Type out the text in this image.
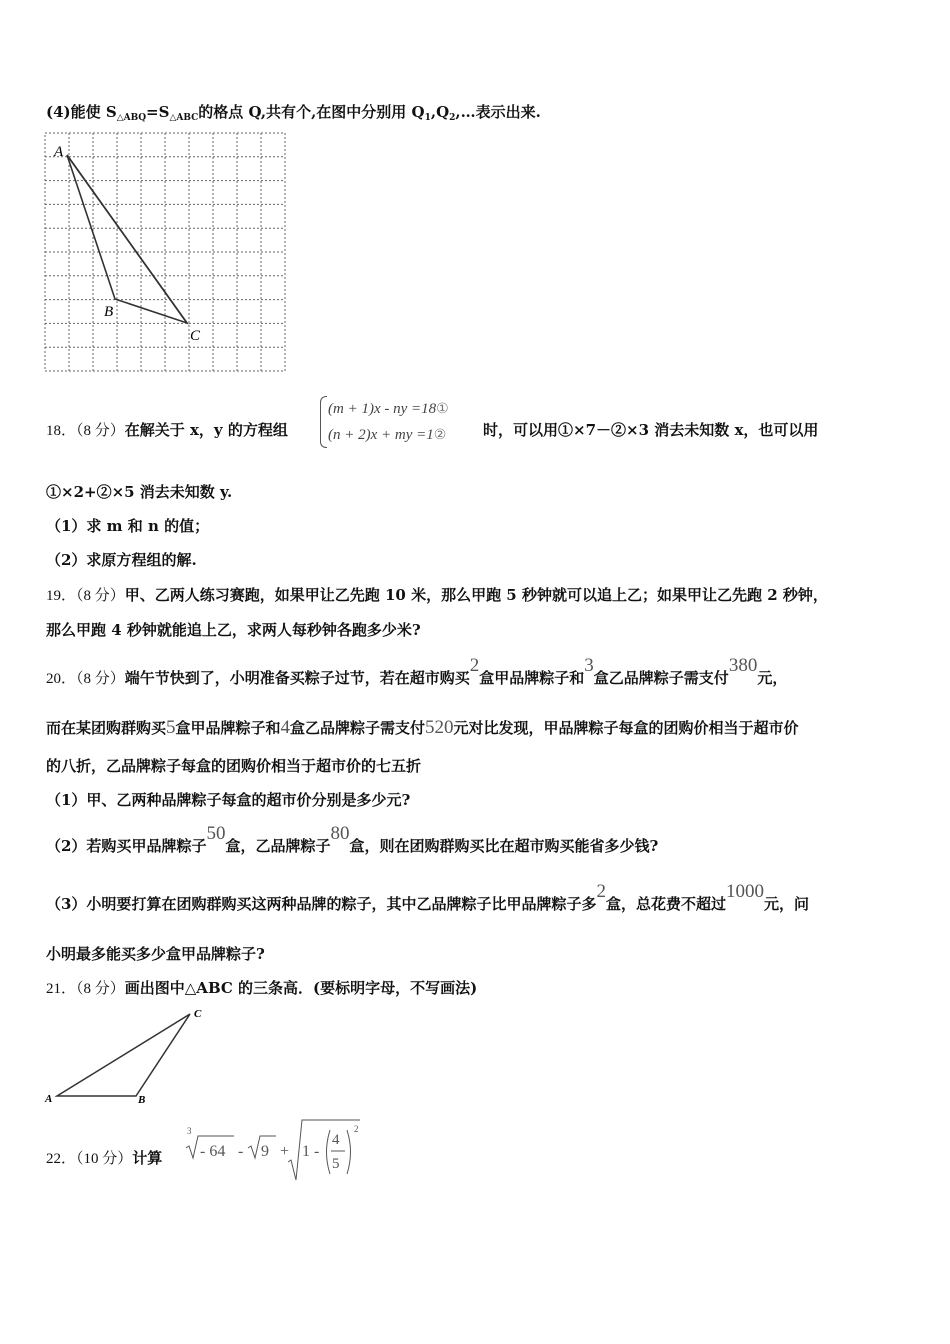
(4)能使 $S_{\triangle ABQ}=S_{\triangle ABC}$的格点 Q,共有个,在图中分别用 $Q_1,Q_2,\dots$表示出来.
A
B
C
18．（8 分）在解关于 x，y 的方程组
(m + 1)x - ny =18①
(n + 2)x + my =1② 时，可以用①×7－②×3 消去未知数 x，也可以用
①×2+②×5 消去未知数 y.
（1）求 m 和 n 的值；
（2）求原方程组的解.
19．（8 分）甲、乙两人练习赛跑，如果甲让乙先跑 10 米，那么甲跑 5 秒钟就可以追上乙；如果甲让乙先跑 2 秒钟，
那么甲跑 4 秒钟就能追上乙，求两人每秒钟各跑多少米?
20．（8 分）端午节快到了，小明准备买粽子过节，若在超市购买2盒甲品牌粽子和3盒乙品牌粽子需支付380元，
而在某团购群购买5盒甲品牌粽子和4盒乙品牌粽子需支付520元对比发现，甲品牌粽子每盒的团购价相当于超市价
的八折，乙品牌粽子每盒的团购价相当于超市价的七五折
（1）甲、乙两种品牌粽子每盒的超市价分别是多少元?
（2）若购买甲品牌粽子50盒，乙品牌粽子80盒，则在团购群购买比在超市购买能省多少钱?
（3）小明要打算在团购群购买这两种品牌的粽子，其中乙品牌粽子比甲品牌粽子多2盒，总花费不超过1000元，问
小明最多能买多少盒甲品牌粽子?
21．（8 分）画出图中△ABC 的三条高．(要标明字母，不写画法)
A	B
C
22．（10 分）计算
3
- 64 - 9 + 1 -
4
5
2
